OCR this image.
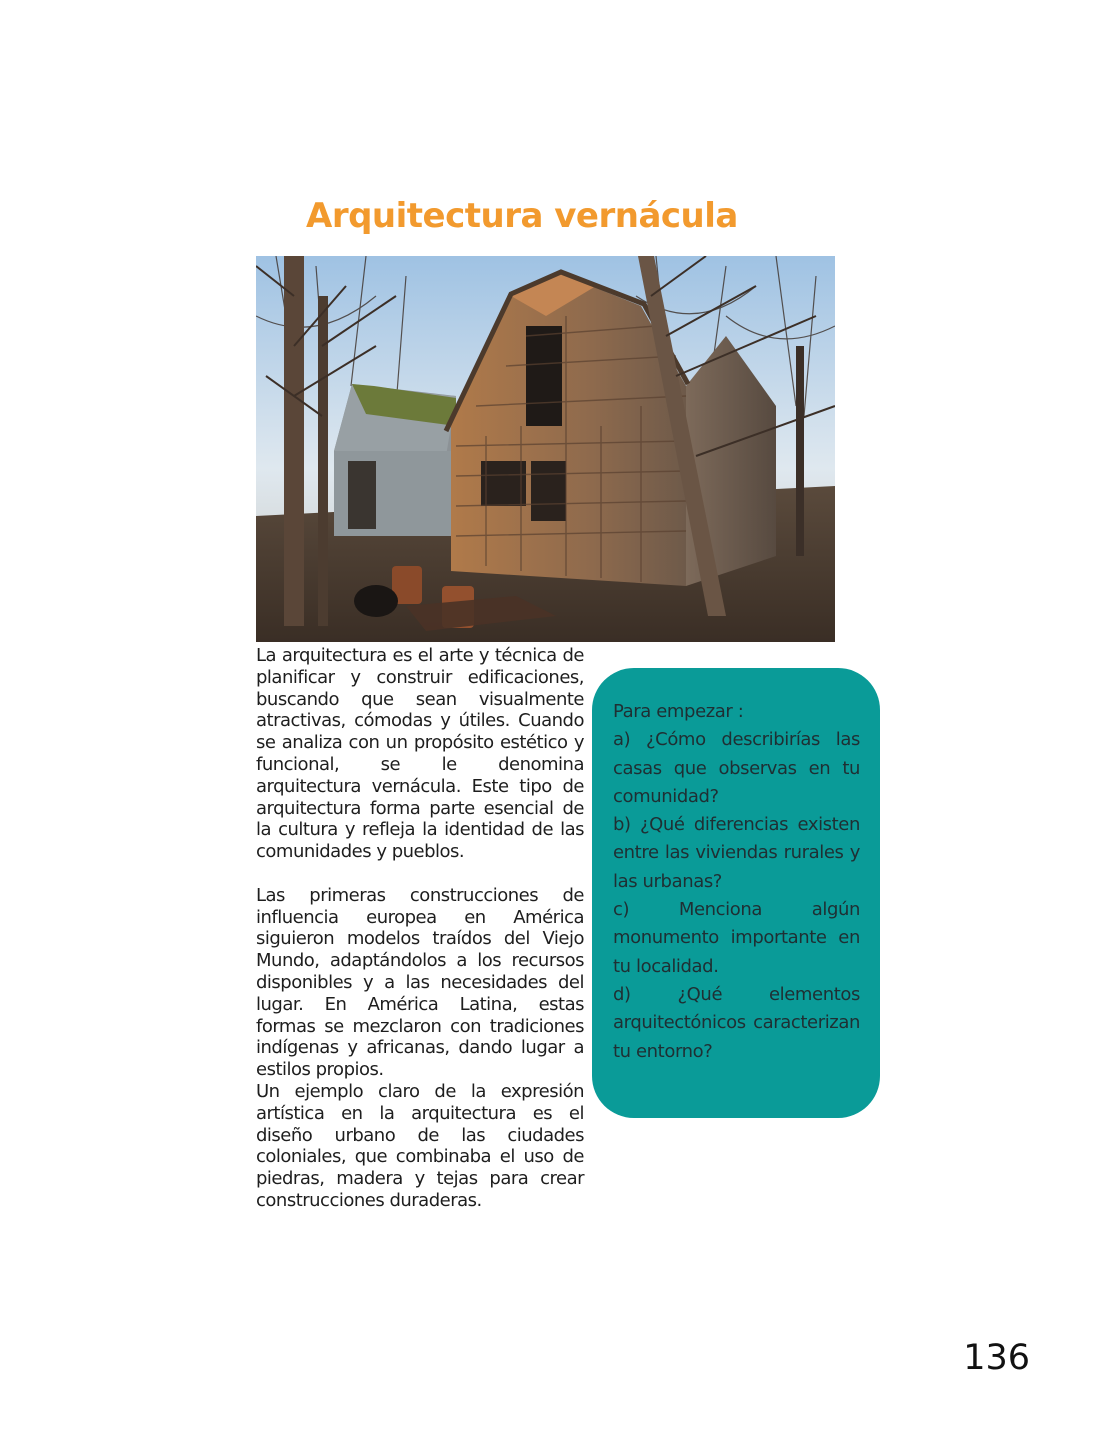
Arquitectura vernácula

La arquitectura es el arte y técnica de planificar y construir edificaciones, buscando que sean visualmente atractivas, cómodas y útiles. Cuando se analiza con un propósito estético y funcional, se le denomina arquitectura vernácula. Este tipo de arquitectura forma parte esencial de la cultura y refleja la identidad de las comunidades y pueblos.

Las primeras construcciones de influencia europea en América siguieron modelos traídos del Viejo Mundo, adaptándolos a los recursos disponibles y a las necesidades del lugar. En América Latina, estas formas se mezclaron con tradiciones indígenas y africanas, dando lugar a estilos propios.

Un ejemplo claro de la expresión artística en la arquitectura es el diseño urbano de las ciudades coloniales, que combinaba el uso de piedras, madera y tejas para crear construcciones duraderas.

Para empezar :

a) ¿Cómo describirías las casas que observas en tu comunidad?

b) ¿Qué diferencias existen entre las viviendas rurales y las urbanas?

c) Menciona algún monumento importante en tu localidad.

d) ¿Qué elementos arquitectónicos caracterizan tu entorno?

136
